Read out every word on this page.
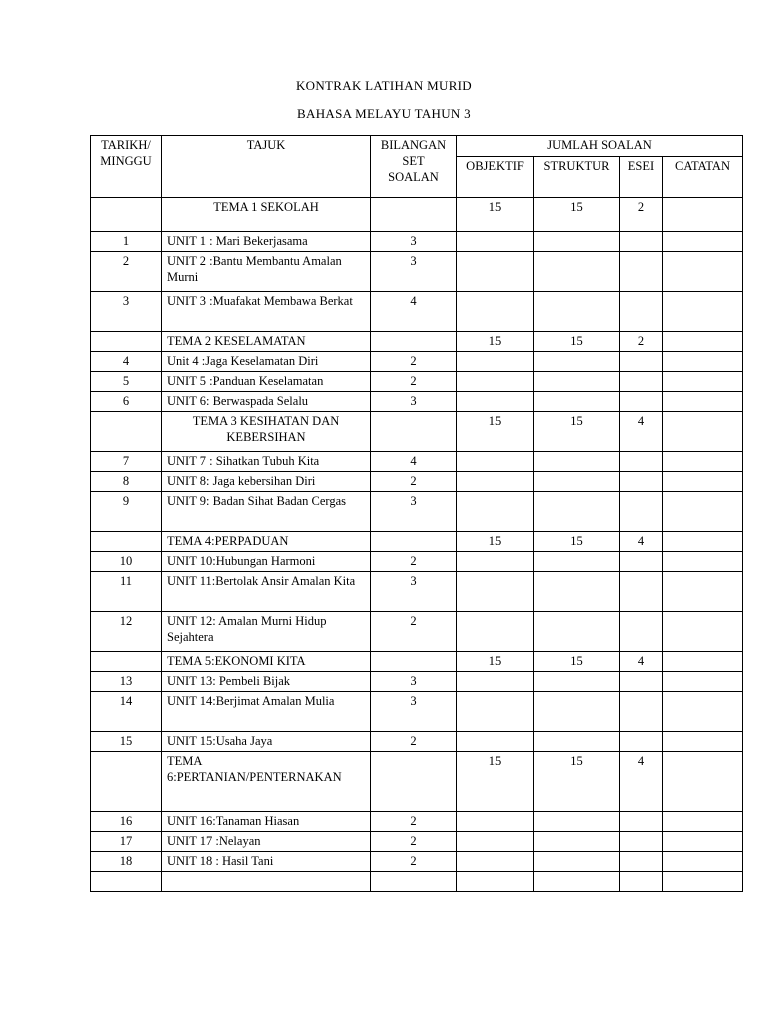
KONTRAK LATIHAN MURID
BAHASA MELAYU TAHUN 3
TARIKH/ MINGGU	TAJUK	BILANGAN SET SOALAN	JUMLAH SOALAN			
			OBJEKTIF	STRUKTUR	ESEI	CATATAN
	TEMA 1 SEKOLAH		15	15	2	
1	UNIT 1 : Mari Bekerjasama	3				
2	UNIT 2 :Bantu Membantu Amalan Murni	3				
3	UNIT 3 :Muafakat Membawa Berkat	4				
	TEMA 2 KESELAMATAN		15	15	2	
4	Unit 4 :Jaga Keselamatan Diri	2				
5	UNIT 5 :Panduan Keselamatan	2				
6	UNIT 6: Berwaspada Selalu	3				
	TEMA 3 KESIHATAN DAN KEBERSIHAN		15	15	4	
7	UNIT 7 : Sihatkan Tubuh Kita	4				
8	UNIT 8: Jaga kebersihan Diri	2				
9	UNIT 9: Badan Sihat Badan Cergas	3				
	TEMA 4:PERPADUAN		15	15	4	
10	UNIT 10:Hubungan Harmoni	2				
11	UNIT 11:Bertolak Ansir Amalan Kita	3				
12	UNIT 12: Amalan Murni Hidup Sejahtera	2				
	TEMA 5:EKONOMI KITA		15	15	4	
13	UNIT 13: Pembeli Bijak	3				
14	UNIT 14:Berjimat Amalan Mulia	3				
15	UNIT 15:Usaha Jaya	2				
	TEMA 6:PERTANIAN/PENTERNAKAN		15	15	4	
16	UNIT 16:Tanaman Hiasan	2				
17	UNIT 17 :Nelayan	2				
18	UNIT 18 : Hasil Tani	2				
